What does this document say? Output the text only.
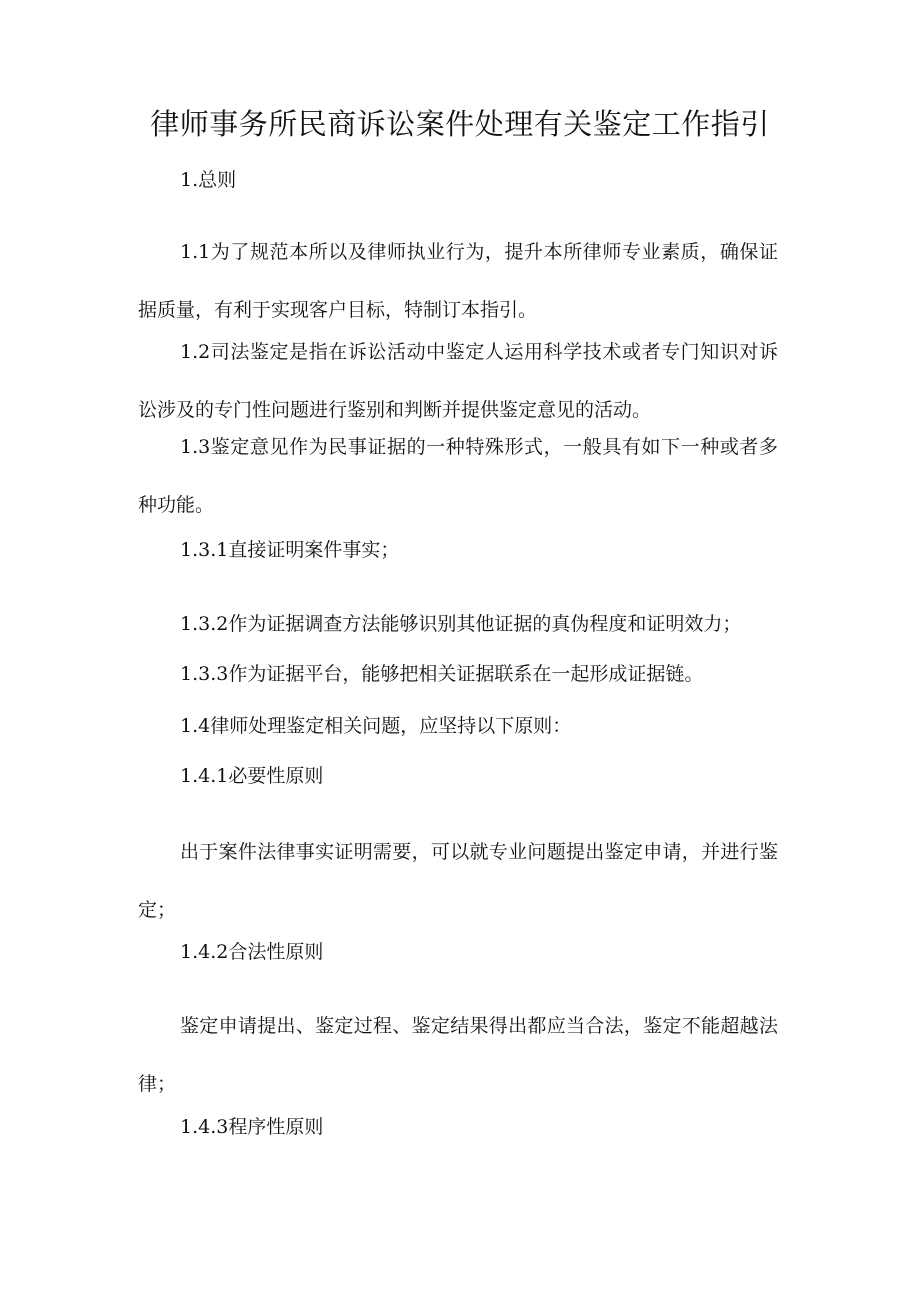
律师事务所民商诉讼案件处理有关鉴定工作指引

1.总则

1.1为了规范本所以及律师执业行为，提升本所律师专业素质，确保证据质量，有利于实现客户目标，特制订本指引。

1.2司法鉴定是指在诉讼活动中鉴定人运用科学技术或者专门知识对诉讼涉及的专门性问题进行鉴别和判断并提供鉴定意见的活动。

1.3鉴定意见作为民事证据的一种特殊形式，一般具有如下一种或者多种功能。

1.3.1直接证明案件事实；

1.3.2作为证据调查方法能够识别其他证据的真伪程度和证明效力；

1.3.3作为证据平台，能够把相关证据联系在一起形成证据链。

1.4律师处理鉴定相关问题，应坚持以下原则：

1.4.1必要性原则

出于案件法律事实证明需要，可以就专业问题提出鉴定申请，并进行鉴定；

1.4.2合法性原则

鉴定申请提出、鉴定过程、鉴定结果得出都应当合法，鉴定不能超越法律；

1.4.3程序性原则
